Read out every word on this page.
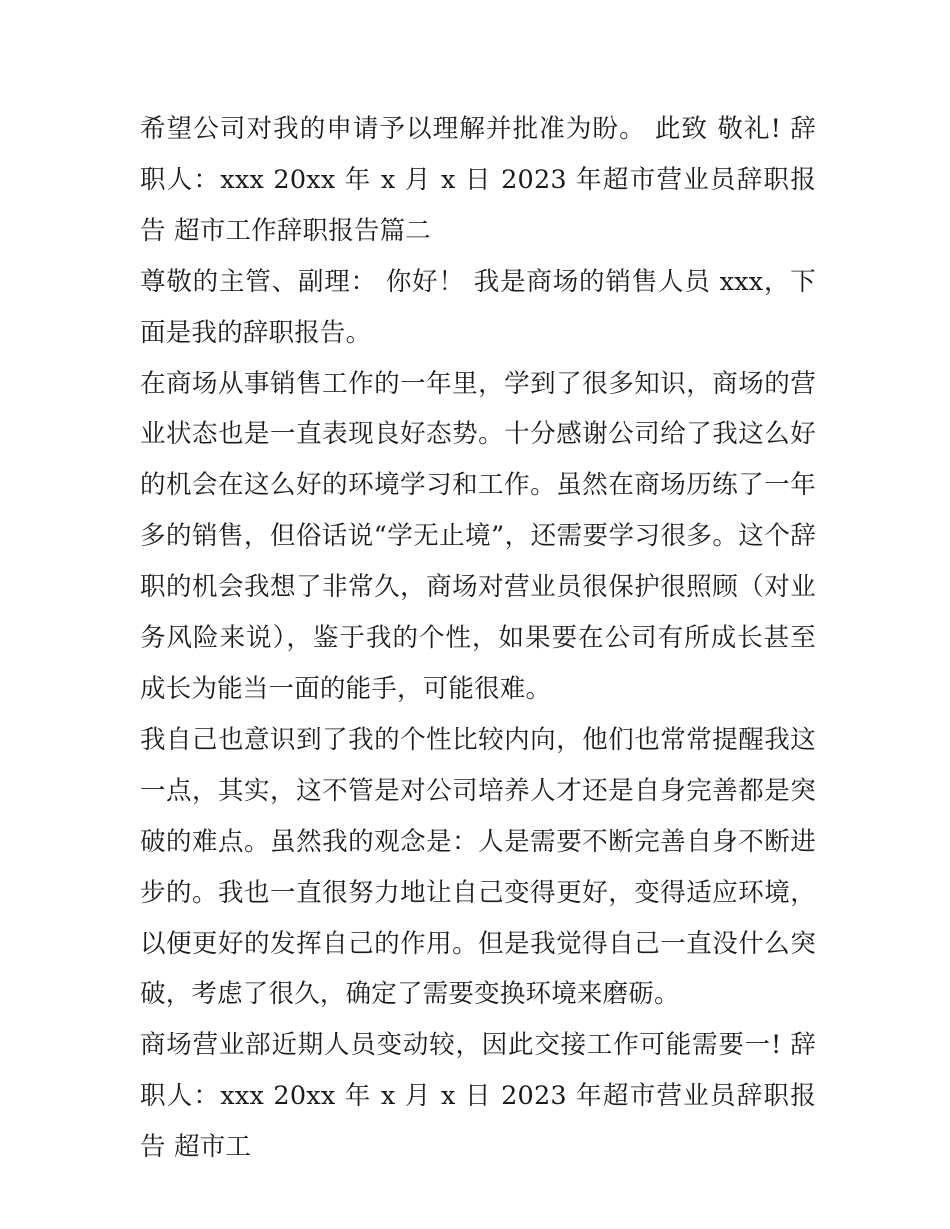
希望公司对我的申请予以理解并批准为盼。 此致 敬礼! 辞职人：xxx 20xx 年 x 月 x 日 2023 年超市营业员辞职报告 超市工作辞职报告篇二

尊敬的主管、副理： 你好！ 我是商场的销售人员 xxx，下面是我的辞职报告。

在商场从事销售工作的一年里，学到了很多知识，商场的营业状态也是一直表现良好态势。十分感谢公司给了我这么好的机会在这么好的环境学习和工作。虽然在商场历练了一年多的销售，但俗话说“学无止境”，还需要学习很多。这个辞职的机会我想了非常久，商场对营业员很保护很照顾（对业务风险来说），鉴于我的个性，如果要在公司有所成长甚至成长为能当一面的能手，可能很难。

我自己也意识到了我的个性比较内向，他们也常常提醒我这一点，其实，这不管是对公司培养人才还是自身完善都是突破的难点。虽然我的观念是：人是需要不断完善自身不断进步的。我也一直很努力地让自己变得更好，变得适应环境，以便更好的发挥自己的作用。但是我觉得自己一直没什么突破，考虑了很久，确定了需要变换环境来磨砺。

商场营业部近期人员变动较，因此交接工作可能需要一! 辞职人：xxx 20xx 年 x 月 x 日 2023 年超市营业员辞职报告 超市工
